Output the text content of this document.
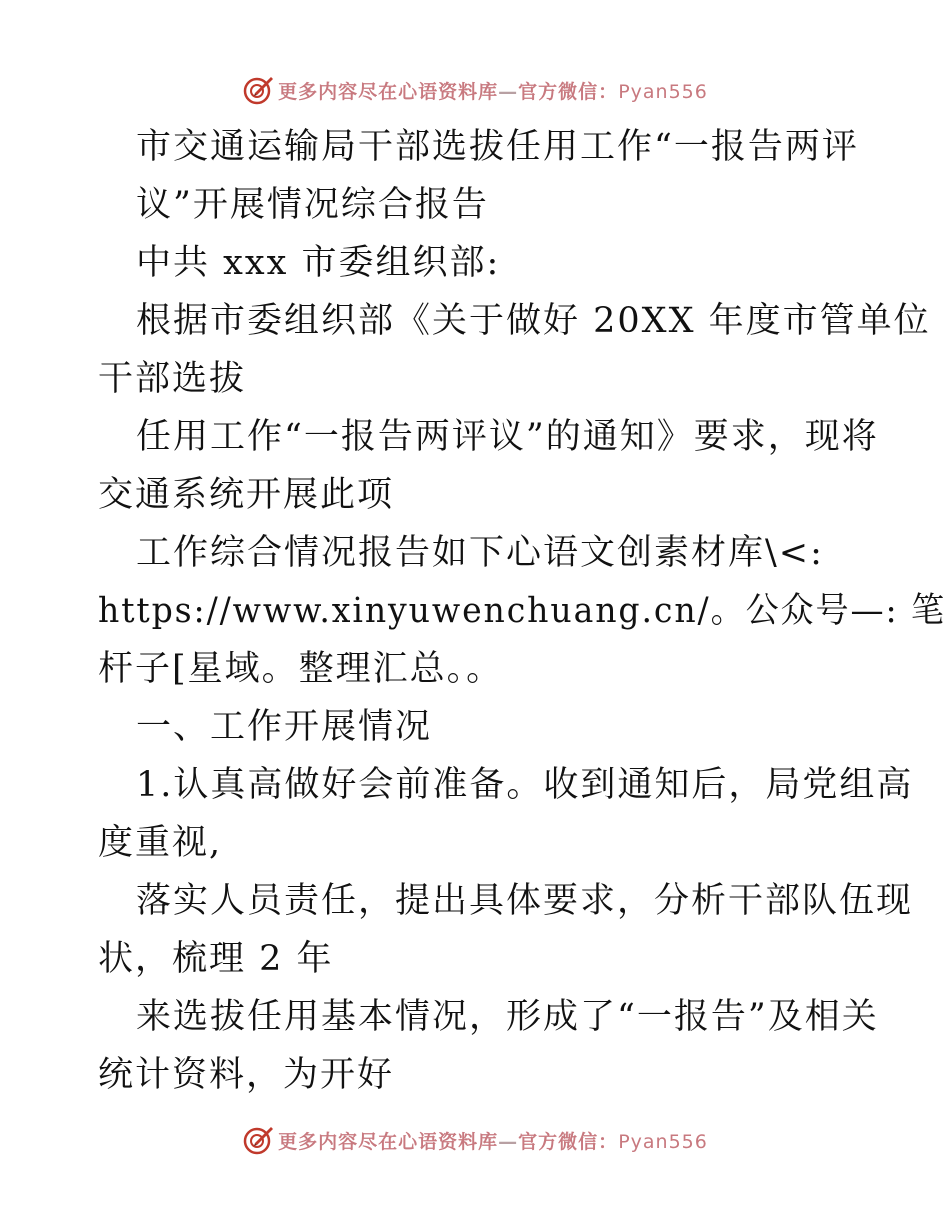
更多内容尽在心语资料库—官方微信：Pyan556
市交通运输局干部选拔任用工作“一报告两评
议”开展情况综合报告
中共 xxx 市委组织部:
根据市委组织部《关于做好 20XX 年度市管单位
干部选拔
任用工作“一报告两评议”的通知》要求，现将
交通系统开展此项
工作综合情况报告如下心语文创素材库\<:
https://www.xinyuwenchuang.cn/。公众号—: 笔
杆子[星域。整理汇总。。
一、工作开展情况
1.认真高做好会前准备。收到通知后，局党组高
度重视,
落实人员责任，提出具体要求，分析干部队伍现
状，梳理 2 年
来选拔任用基本情况，形成了“一报告”及相关
统计资料，为开好
更多内容尽在心语资料库—官方微信：Pyan556
